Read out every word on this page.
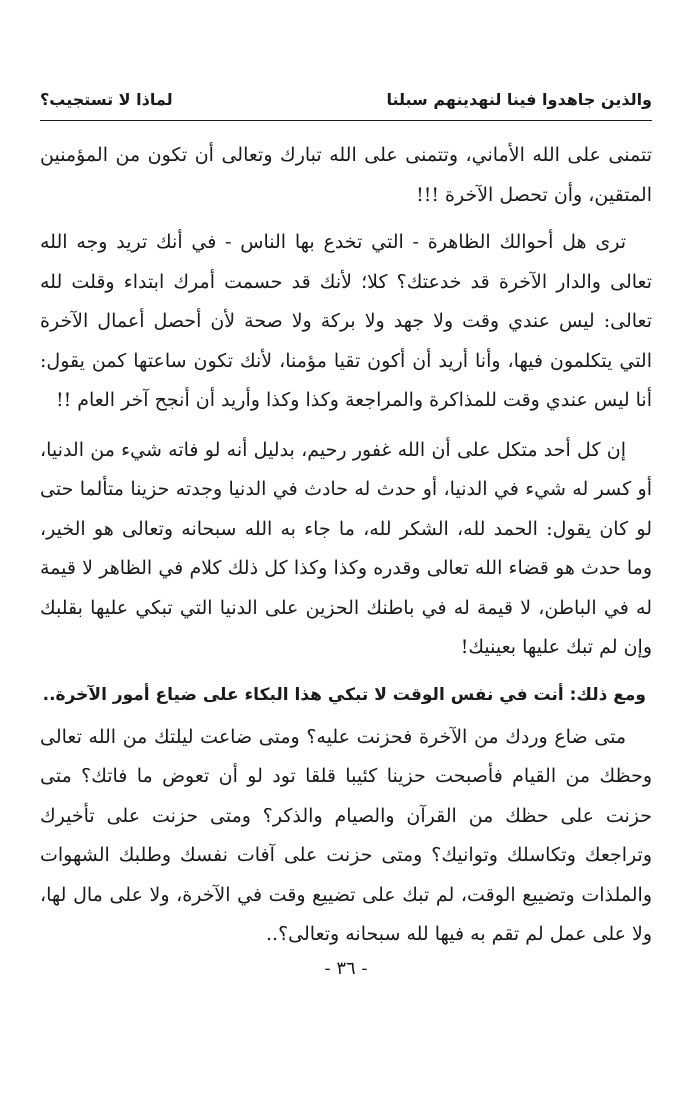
والذين جاهدوا فينا لنهدينهم سبلنا
لماذا لا تستجيب؟

تتمنى على الله الأماني، وتتمنى على الله تبارك وتعالى أن تكون من المؤمنين المتقين، وأن تحصل الآخرة !!!

ترى هل أحوالك الظاهرة - التي تخدع بها الناس - في أنك تريد وجه الله تعالى والدار الآخرة قد خدعتك؟ كلا؛ لأنك قد حسمت أمرك ابتداء وقلت لله تعالى: ليس عندي وقت ولا جهد ولا بركة ولا صحة لأن أحصل أعمال الآخرة التي يتكلمون فيها، وأنا أريد أن أكون تقيا مؤمنا، لأنك تكون ساعتها كمن يقول: أنا ليس عندي وقت للمذاكرة والمراجعة وكذا وكذا وأريد أن أنجح آخر العام !!

إن كل أحد متكل على أن الله غفور رحيم، بدليل أنه لو فاته شيء من الدنيا، أو كسر له شيء في الدنيا، أو حدث له حادث في الدنيا وجدته حزينا متألما حتى لو كان يقول: الحمد لله، الشكر لله، ما جاء به الله سبحانه وتعالى هو الخير، وما حدث هو قضاء الله تعالى وقدره وكذا وكذا كل ذلك كلام في الظاهر لا قيمة له في الباطن، لا قيمة له في باطنك الحزين على الدنيا التي تبكي عليها بقلبك وإن لم تبك عليها بعينيك!

ومع ذلك: أنت في نفس الوقت لا تبكي هذا البكاء على ضياع أمور الآخرة..

متى ضاع وردك من الآخرة فحزنت عليه؟ ومتى ضاعت ليلتك من الله تعالى وحظك من القيام فأصبحت حزينا كئيبا قلقا تود لو أن تعوض ما فاتك؟ متى حزنت على حظك من القرآن والصيام والذكر؟ ومتى حزنت على تأخيرك وتراجعك وتكاسلك وتوانيك؟ ومتى حزنت على آفات نفسك وطلبك الشهوات والملذات وتضييع الوقت، لم تبك على تضييع وقت في الآخرة، ولا على مال لها، ولا على عمل لم تقم به فيها لله سبحانه وتعالى؟..

- ٣٦ -
